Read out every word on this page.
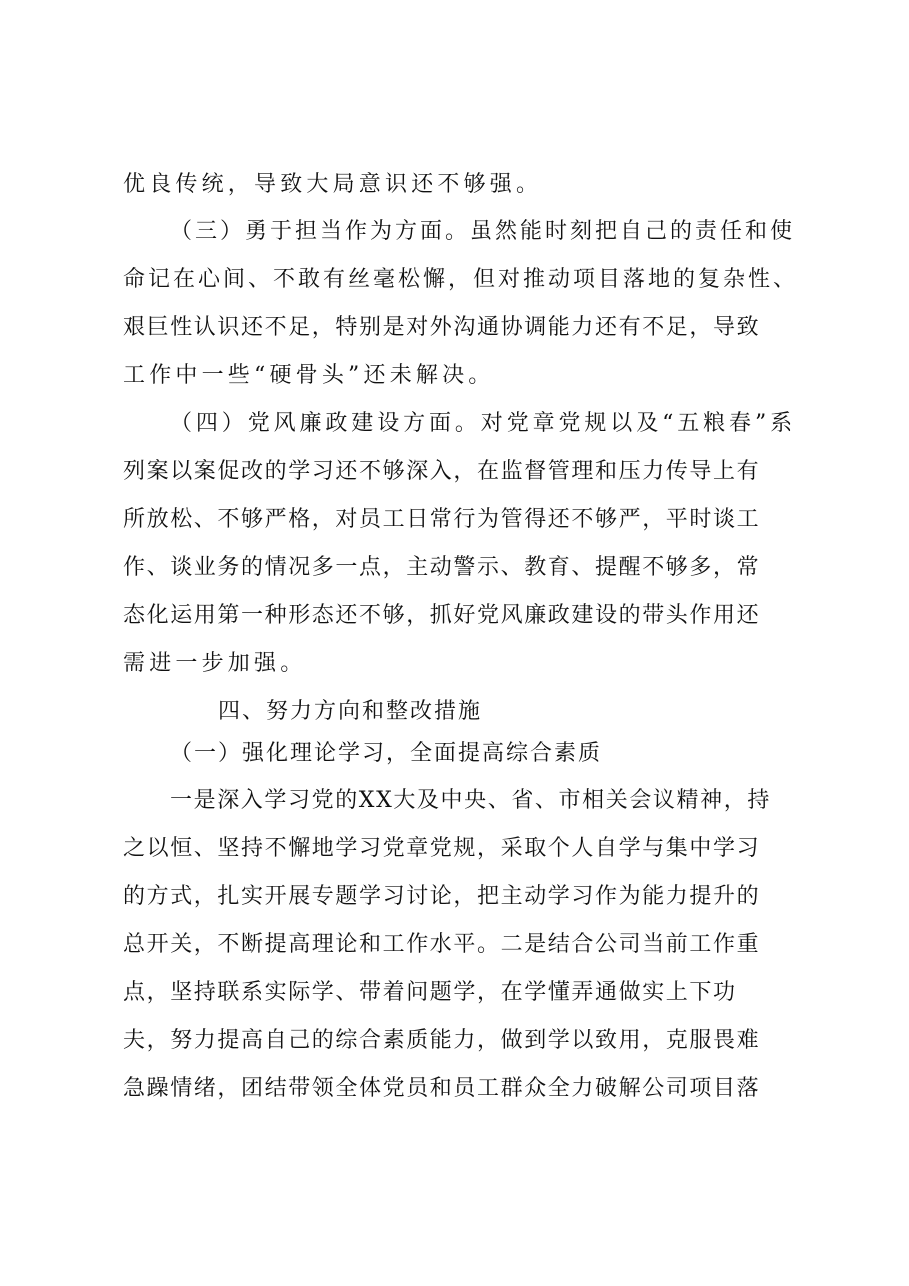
优良传统，导致大局意识还不够强。
（三）勇于担当作为方面。虽然能时刻把自己的责任和使
命记在心间、不敢有丝毫松懈，但对推动项目落地的复杂性、
艰巨性认识还不足，特别是对外沟通协调能力还有不足，导致
工作中一些“硬骨头”还未解决。
（四）党风廉政建设方面。对党章党规以及“五粮春”系
列案以案促改的学习还不够深入，在监督管理和压力传导上有
所放松、不够严格，对员工日常行为管得还不够严，平时谈工
作、谈业务的情况多一点，主动警示、教育、提醒不够多，常
态化运用第一种形态还不够，抓好党风廉政建设的带头作用还
需进一步加强。
四、努力方向和整改措施
（一）强化理论学习，全面提高综合素质
一是深入学习党的XX大及中央、省、市相关会议精神，持
之以恒、坚持不懈地学习党章党规，采取个人自学与集中学习
的方式，扎实开展专题学习讨论，把主动学习作为能力提升的
总开关，不断提高理论和工作水平。二是结合公司当前工作重
点，坚持联系实际学、带着问题学，在学懂弄通做实上下功
夫，努力提高自己的综合素质能力，做到学以致用，克服畏难
急躁情绪，团结带领全体党员和员工群众全力破解公司项目落
